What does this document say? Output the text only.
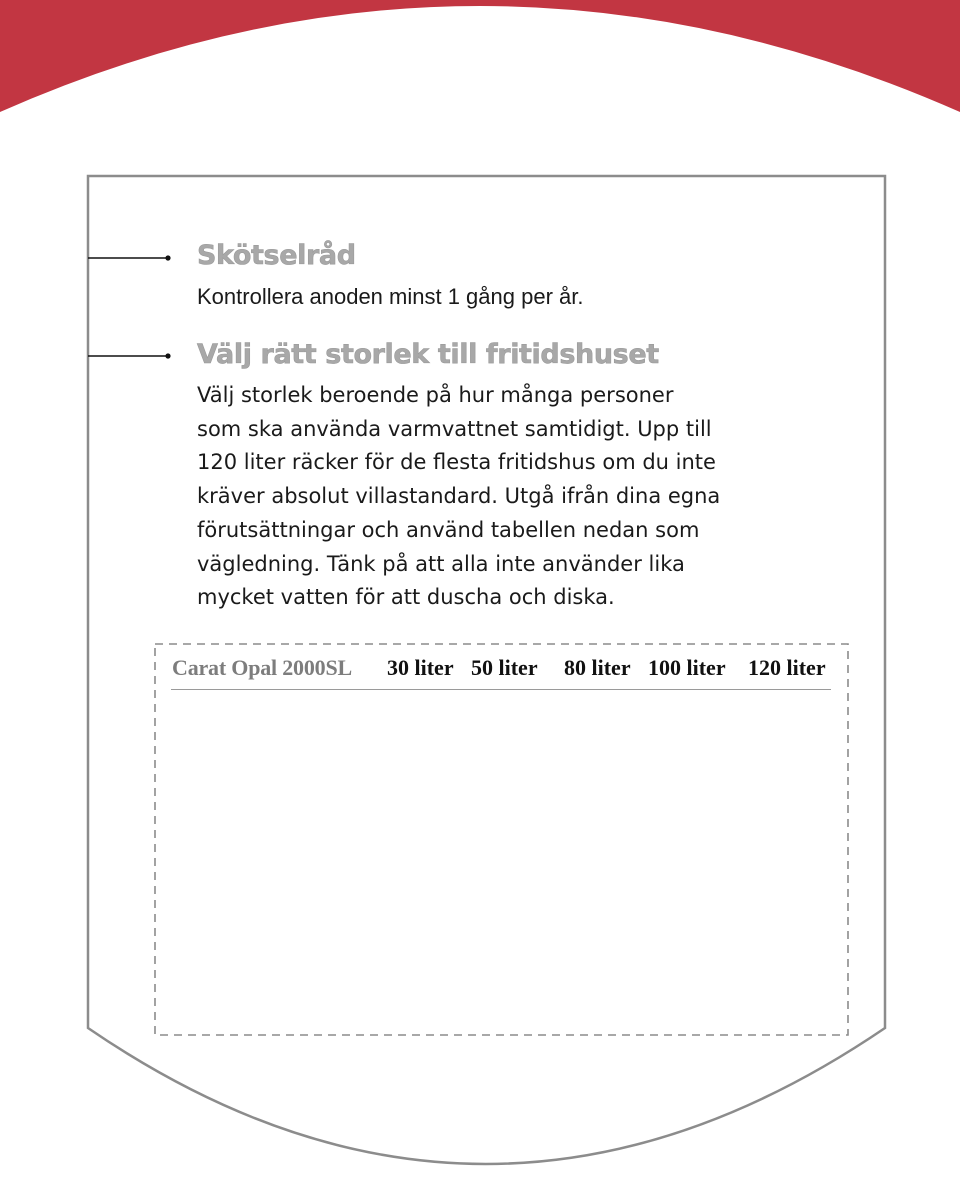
Skötselråd

Kontrollera anoden minst 1 gång per år.

Välj rätt storlek till fritidshuset
Välj storlek beroende på hur många personer
som ska använda varmvattnet samtidigt. Upp till
120 liter räcker för de flesta fritidshus om du inte
kräver absolut villastandard. Utgå ifrån dina egna
förutsättningar och använd tabellen nedan som
vägledning. Tänk på att alla inte använder lika
mycket vatten för att duscha och diska.
Carat Opal 2000SL 30 liter 50 liter 80 liter 100 liter 120 liter
